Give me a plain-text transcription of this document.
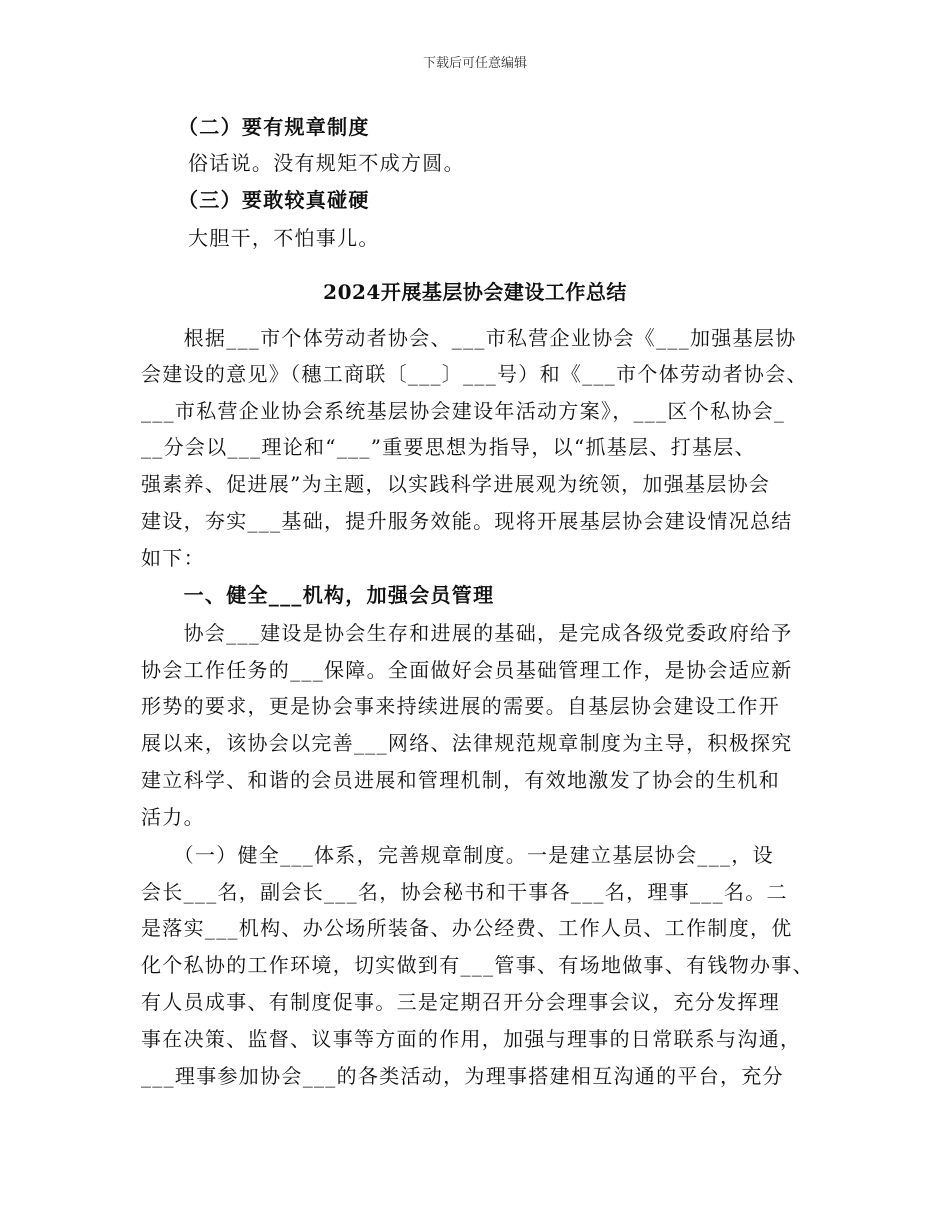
下载后可任意编辑
（二）要有规章制度
俗话说。没有规矩不成方圆。
（三）要敢较真碰硬
大胆干，不怕事儿。
2024开展基层协会建设工作总结
　　根据___市个体劳动者协会、___市私营企业协会《___加强基层协
会建设的意见》（穗工商联〔___〕___号）和《___市个体劳动者协会、
___市私营企业协会系统基层协会建设年活动方案》，___区个私协会_
__分会以___理论和“___”重要思想为指导，以“抓基层、打基层、
强素养、促进展”为主题，以实践科学进展观为统领，加强基层协会
建设，夯实___基础，提升服务效能。现将开展基层协会建设情况总结
如下：
　　一、健全___机构，加强会员管理
　　协会___建设是协会生存和进展的基础，是完成各级党委政府给予
协会工作任务的___保障。全面做好会员基础管理工作，是协会适应新
形势的要求，更是协会事来持续进展的需要。自基层协会建设工作开
展以来，该协会以完善___网络、法律规范规章制度为主导，积极探究
建立科学、和谐的会员进展和管理机制，有效地激发了协会的生机和
活力。
　　（一）健全___体系，完善规章制度。一是建立基层协会___，设
会长___名，副会长___名，协会秘书和干事各___名，理事___名。二
是落实___机构、办公场所装备、办公经费、工作人员、工作制度，优
化个私协的工作环境，切实做到有___管事、有场地做事、有钱物办事、
有人员成事、有制度促事。三是定期召开分会理事会议，充分发挥理
事在决策、监督、议事等方面的作用，加强与理事的日常联系与沟通，
___理事参加协会___的各类活动，为理事搭建相互沟通的平台，充分
